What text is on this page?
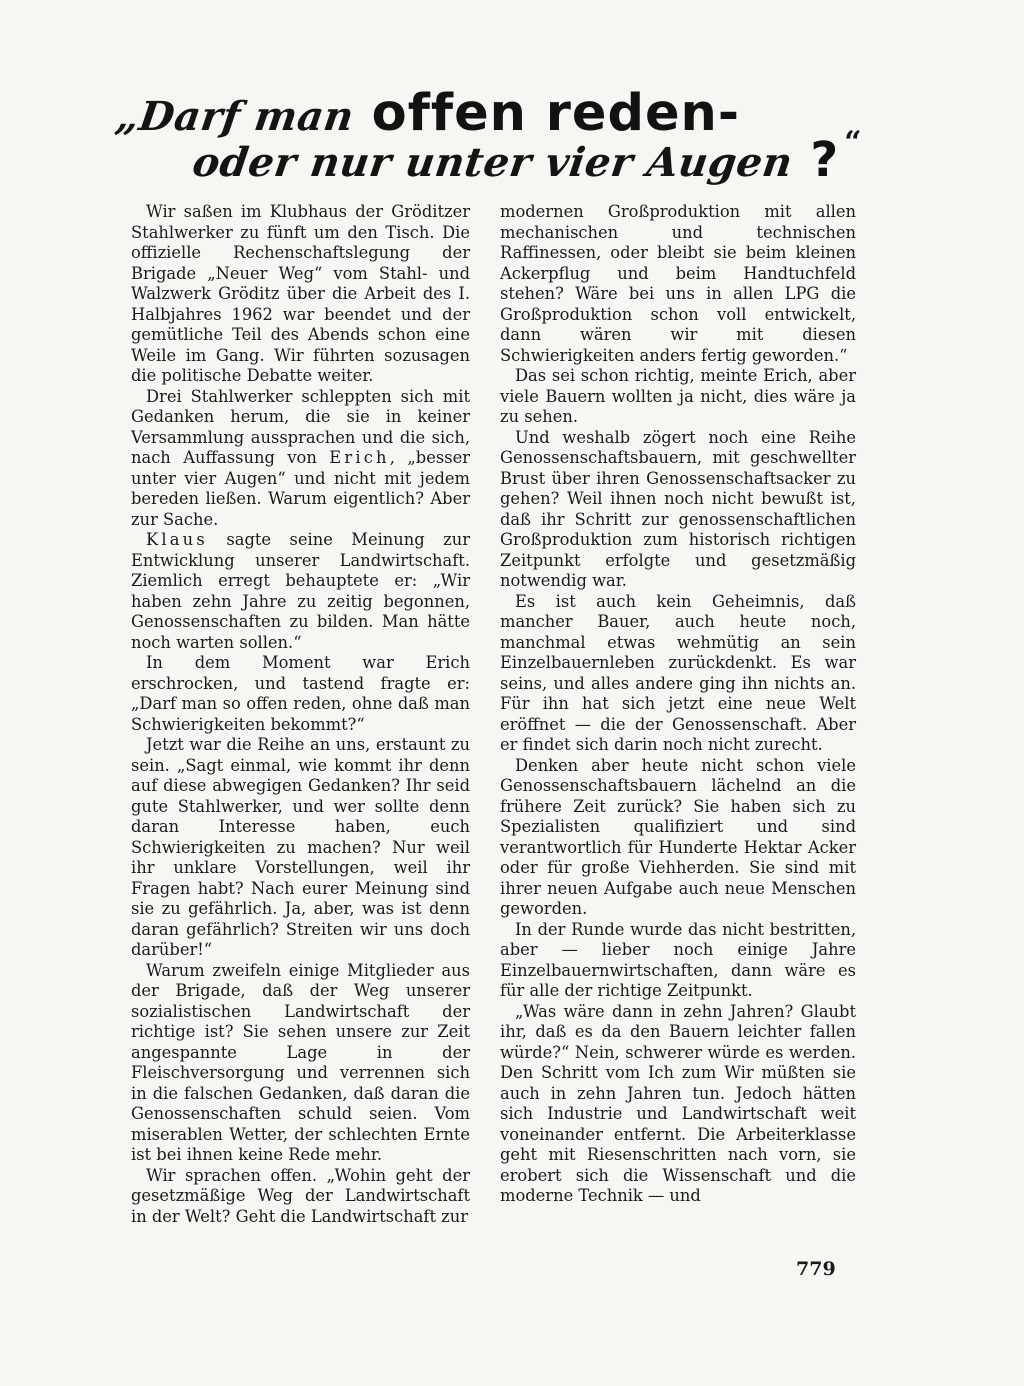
„Darf man offen reden-
oder nur unter vier Augen ? “

Wir saßen im Klubhaus der Gröditzer Stahlwerker zu fünft um den Tisch. Die offizielle Rechenschaftslegung der Brigade „Neuer Weg“ vom Stahl- und Walzwerk Gröditz über die Arbeit des I. Halbjahres 1962 war beendet und der gemütliche Teil des Abends schon eine Weile im Gang. Wir führten sozusagen die politische Debatte weiter.

Drei Stahlwerker schleppten sich mit Gedanken herum, die sie in keiner Versammlung aussprachen und die sich, nach Auffassung von Erich, „besser unter vier Augen“ und nicht mit jedem bereden ließen. Warum eigentlich? Aber zur Sache.

Klaus sagte seine Meinung zur Entwicklung unserer Landwirtschaft. Ziemlich erregt behauptete er: „Wir haben zehn Jahre zu zeitig begonnen, Genossenschaften zu bilden. Man hätte noch warten sollen.“

In dem Moment war Erich erschrocken, und tastend fragte er: „Darf man so offen reden, ohne daß man Schwierigkeiten bekommt?“

Jetzt war die Reihe an uns, erstaunt zu sein. „Sagt einmal, wie kommt ihr denn auf diese abwegigen Gedanken? Ihr seid gute Stahlwerker, und wer sollte denn daran Interesse haben, euch Schwierigkeiten zu machen? Nur weil ihr unklare Vorstellungen, weil ihr Fragen habt? Nach eurer Meinung sind sie zu gefährlich. Ja, aber, was ist denn daran gefährlich? Streiten wir uns doch darüber!“

Warum zweifeln einige Mitglieder aus der Brigade, daß der Weg unserer sozialistischen Landwirtschaft der richtige ist? Sie sehen unsere zur Zeit angespannte Lage in der Fleischversorgung und verrennen sich in die falschen Gedanken, daß daran die Genossenschaften schuld seien. Vom miserablen Wetter, der schlechten Ernte ist bei ihnen keine Rede mehr.

Wir sprachen offen. „Wohin geht der gesetzmäßige Weg der Landwirtschaft in der Welt? Geht die Landwirtschaft zur

modernen Großproduktion mit allen mechanischen und technischen Raffinessen, oder bleibt sie beim kleinen Ackerpflug und beim Handtuchfeld stehen? Wäre bei uns in allen LPG die Großproduktion schon voll entwickelt, dann wären wir mit diesen Schwierigkeiten anders fertig geworden.“

Das sei schon richtig, meinte Erich, aber viele Bauern wollten ja nicht, dies wäre ja zu sehen.

Und weshalb zögert noch eine Reihe Genossenschaftsbauern, mit geschwellter Brust über ihren Genossenschaftsacker zu gehen? Weil ihnen noch nicht bewußt ist, daß ihr Schritt zur genossenschaftlichen Großproduktion zum historisch richtigen Zeitpunkt erfolgte und gesetzmäßig notwendig war.

Es ist auch kein Geheimnis, daß mancher Bauer, auch heute noch, manchmal etwas wehmütig an sein Einzelbauernleben zurückdenkt. Es war seins, und alles andere ging ihn nichts an. Für ihn hat sich jetzt eine neue Welt eröffnet — die der Genossenschaft. Aber er findet sich darin noch nicht zurecht.

Denken aber heute nicht schon viele Genossenschaftsbauern lächelnd an die frühere Zeit zurück? Sie haben sich zu Spezialisten qualifiziert und sind verantwortlich für Hunderte Hektar Acker oder für große Viehherden. Sie sind mit ihrer neuen Aufgabe auch neue Menschen geworden.

In der Runde wurde das nicht bestritten, aber — lieber noch einige Jahre Einzelbauernwirtschaften, dann wäre es für alle der richtige Zeitpunkt.

„Was wäre dann in zehn Jahren? Glaubt ihr, daß es da den Bauern leichter fallen würde?“ Nein, schwerer würde es werden. Den Schritt vom Ich zum Wir müßten sie auch in zehn Jahren tun. Jedoch hätten sich Industrie und Landwirtschaft weit voneinander entfernt. Die Arbeiterklasse geht mit Riesenschritten nach vorn, sie erobert sich die Wissenschaft und die moderne Technik — und

779
